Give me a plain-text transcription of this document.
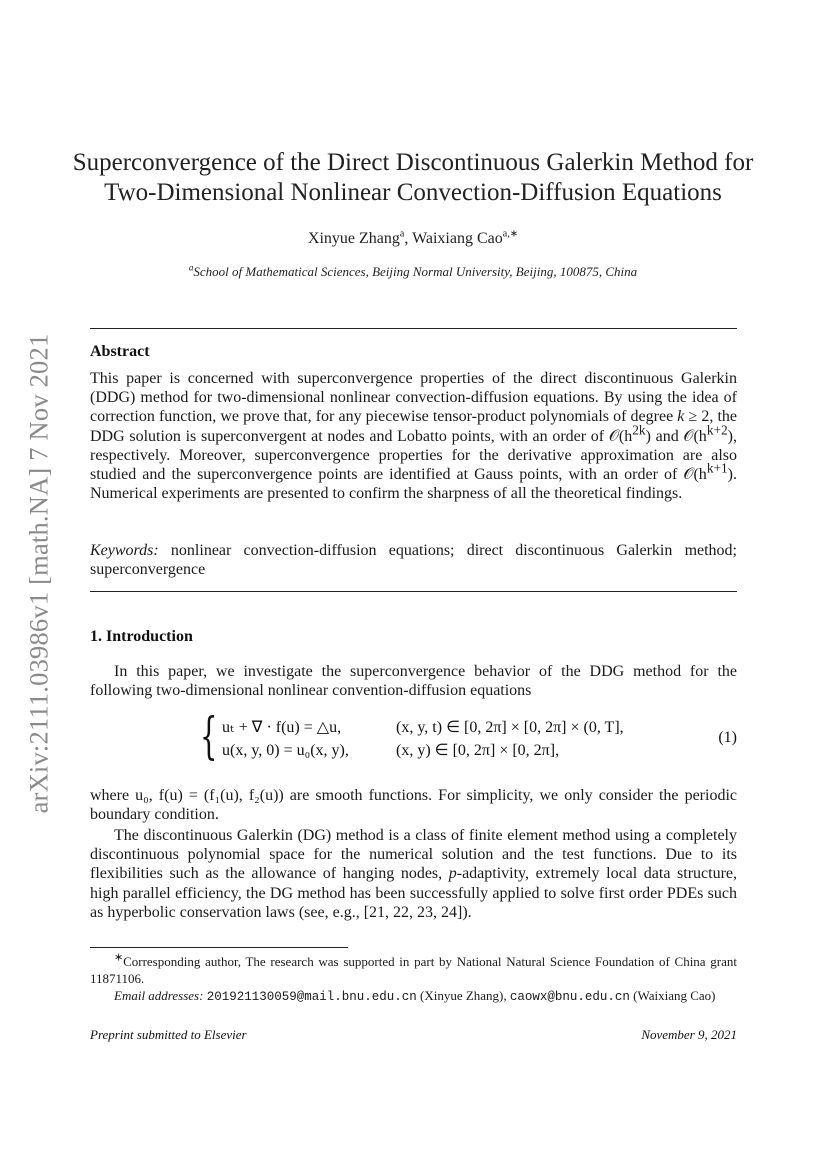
arXiv:2111.03986v1 [math.NA] 7 Nov 2021
Superconvergence of the Direct Discontinuous Galerkin Method for
Two-Dimensional Nonlinear Convection-Diffusion Equations
Xinyue Zhang$^a$, Waixiang Cao$^{a,∗}$
$^a$School of Mathematical Sciences, Beijing Normal University, Beijing, 100875, China
Abstract
This paper is concerned with superconvergence properties of the direct discontinuous Galerkin (DDG) method for two-dimensional nonlinear convection-diffusion equations. By using the idea of correction function, we prove that, for any piecewise tensor-product polynomials of degree k ≥ 2, the DDG solution is superconvergent at nodes and Lobatto points, with an order of $𝒪(h^{2k})$ and $𝒪(h^{k+2})$, respectively. Moreover, superconvergence properties for the derivative approximation are also studied and the superconvergence points are identified at Gauss points, with an order of $𝒪(h^{k+1})$. Numerical experiments are presented to confirm the sharpness of all the theoretical findings.
Keywords: nonlinear convection-diffusion equations; direct discontinuous Galerkin method; superconvergence
1. Introduction
In this paper, we investigate the superconvergence behavior of the DDG method for the following two-dimensional nonlinear convention-diffusion equations
{ uₜ + ∇ · f(u) = △u,	(x, y, t) ∈ [0, 2π] × [0, 2π] × (0, T],
u(x, y, 0) = u₀(x, y),	(x, y) ∈ [0, 2π] × [0, 2π],
(1)
where u₀, f(u) = (f₁(u), f₂(u)) are smooth functions. For simplicity, we only consider the periodic boundary condition.
The discontinuous Galerkin (DG) method is a class of finite element method using a completely discontinuous polynomial space for the numerical solution and the test functions. Due to its flexibilities such as the allowance of hanging nodes, p-adaptivity, extremely local data structure, high parallel efficiency, the DG method has been successfully applied to solve first order PDEs such as hyperbolic conservation laws (see, e.g., [21, 22, 23, 24]).
∗Corresponding author, The research was supported in part by National Natural Science Foundation of China grant 11871106.
Email addresses: 201921130059@mail.bnu.edu.cn (Xinyue Zhang), caowx@bnu.edu.cn (Waixiang Cao)
Preprint submitted to Elsevier	November 9, 2021
